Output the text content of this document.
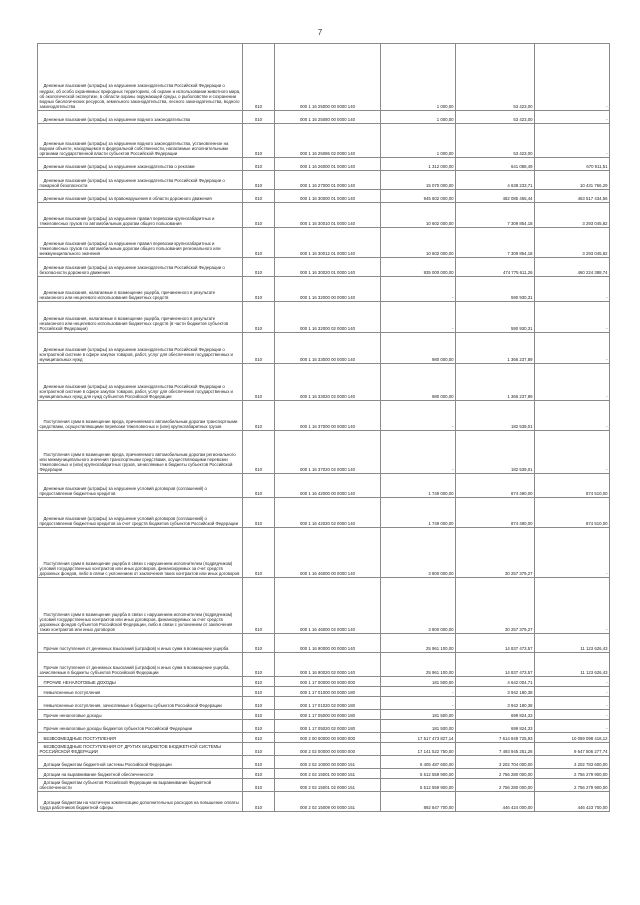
7
Денежные взыскания (штрафы) за нарушение законодательства Российской Федерации о недрах, об особо охраняемых природных территориях, об охране и использовании животного мира, об экологической экспертизе, в области охраны окружающей среды, о рыболовстве и сохранении водных биологических ресурсов, земельного законодательства, лесного законодательства, водного законодательства	010	000 1 16 25000 00 0000 140	1 000,00	53 423,00	-

Денежные взыскания (штрафы) за нарушение водного законодательства	010	000 1 16 25080 00 0000 140	1 000,00	53 423,00	-

Денежные взыскания (штрафы) за нарушение водного законодательства, установленное на водном объекте, находящемся в федеральной собственности, налагаемые исполнительными органами государственной власти субъектов Российской Федерации	010	000 1 16 25086 02 0000 140	1 000,00	53 423,00	-

Денежные взыскания (штрафы) за нарушение законодательства о рекламе	010	000 1 16 26000 01 0000 140	1 312 000,00	641 088,49	670 911,51

Денежные взыскания (штрафы) за нарушение законодательства Российской Федерации о пожарной безопасности	010	000 1 16 27000 01 0000 140	15 070 000,00	4 638 233,71	10 431 766,29

Денежные взыскания (штрафы) за правонарушения в области дорожного движения	010	000 1 16 30000 01 0000 140	945 602 000,00	482 085 465,44	463 517 434,56

Денежные взыскания (штрафы) за нарушение правил перевозки крупногабаритных и тяжеловесных грузов по автомобильным дорогам общего пользования	010	000 1 16 30010 01 0000 140	10 602 000,00	7 309 854,18	3 293 045,82

Денежные взыскания (штрафы) за нарушение правил перевозки крупногабаритных и тяжеловесных грузов по автомобильным дорогам общего пользования регионального или межмуниципального значения	010	000 1 16 30012 01 0000 140	10 602 000,00	7 309 854,18	3 293 045,82

Денежные взыскания (штрафы) за нарушение законодательства Российской Федерации о безопасности дорожного движения	010	000 1 16 30020 01 0000 140	935 000 000,00	474 775 611,26	460 224 388,74

Денежные взыскания, налагаемые в возмещение ущерба, причиненного в результате незаконного или нецелевого использования бюджетных средств	010	000 1 16 32000 00 0000 140	-	590 930,31	-

Денежные взыскания, налагаемые в возмещение ущерба, причиненного в результате незаконного или нецелевого использования бюджетных средств (в части бюджетов субъектов Российской Федерации)	010	000 1 16 32000 02 0000 140	-	590 930,31	-

Денежные взыскания (штрафы) за нарушение законодательства Российской Федерации о контрактной системе в сфере закупок товаров, работ, услуг для обеспечения государственных и муниципальных нужд	010	000 1 16 33000 00 0000 140	980 000,00	1 366 237,89	-

Денежные взыскания (штрафы) за нарушение законодательства Российской Федерации о контрактной системе в сфере закупок товаров, работ, услуг для обеспечения государственных и муниципальных нужд для нужд субъектов Российской Федерации	010	000 1 16 33020 02 0000 140	980 000,00	1 366 237,89	-

Поступления сумм в возмещение вреда, причиняемого автомобильным дорогам транспортными средствами, осуществляющими перевозки тяжеловесных и (или) крупногабаритных грузов	010	000 1 16 37000 00 0000 140	-	182 539,01	-

Поступления сумм в возмещение вреда, причиняемого автомобильным дорогам регионального или межмуниципального значения транспортными средствами, осуществляющими перевозки тяжеловесных и (или) крупногабаритных грузов, зачисляемые в бюджеты субъектов Российской Федерации	010	000 1 16 37020 02 0000 140	-	182 539,01	-

Денежные взыскания (штрафы) за нарушение условий договоров (соглашений) о предоставлении бюджетных кредитов	010	000 1 16 42000 00 0000 140	1 749 000,00	874 490,00	874 510,00

Денежные взыскания (штрафы) за нарушение условий договоров (соглашений) о предоставлении бюджетных кредитов за счет средств бюджетов субъектов Российской Федерации	010	000 1 16 42020 02 0000 140	1 749 000,00	874 490,00	874 510,00

Поступления сумм в возмещение ущерба в связи с нарушением исполнителем (подрядчиком) условий государственных контрактов или иных договоров, финансируемых за счет средств дорожных фондов, либо в связи с уклонением от заключения таких контрактов или иных договоров	010	000 1 16 46000 00 0000 140	3 800 000,00	30 257 379,27	-

Поступления сумм в возмещение ущерба в связи с нарушением исполнителем (подрядчиком) условий государственных контрактов или иных договоров, финансируемых за счет средств дорожных фондов субъектов Российской Федерации, либо в связи с уклонением от заключения таких контрактов или иных договоров	010	000 1 16 46000 02 0000 140	3 800 000,00	30 257 379,27	-

Прочие поступления от денежных взысканий (штрафов) и иных сумм в возмещение ущерба	010	000 1 16 90000 00 0000 140	25 961 100,00	14 837 473,57	11 123 626,43

Прочие поступления от денежных взысканий (штрафов) и иных сумм в возмещение ущерба, зачисляемые в бюджеты субъектов Российской Федерации	010	000 1 16 90020 02 0000 140	25 961 100,00	14 837 473,57	11 123 626,43

ПРОЧИЕ НЕНАЛОГОВЫЕ ДОХОДЫ	010	000 1 17 00000 00 0000 000	181 500,00	4 642 004,71	-

Невыясненные поступления	010	000 1 17 01000 00 0000 180	-	3 942 180,38	-

Невыясненные поступления, зачисляемые в бюджеты субъектов Российской Федерации	010	000 1 17 01020 02 0000 180	-	3 942 180,38	-

Прочие неналоговые доходы	010	000 1 17 05000 00 0000 180	181 500,00	699 824,33	-

Прочие неналоговые доходы бюджетов субъектов Российской Федерации	010	000 1 17 05020 02 0000 180	181 500,00	699 824,33	-

БЕЗВОЗМЕЗДНЫЕ ПОСТУПЛЕНИЯ	010	000 2 00 00000 00 0000 000	17 517 473 827,14	7 614 949 725,93	10 059 098 416,12

БЕЗВОЗМЕЗДНЫЕ ПОСТУПЛЕНИЯ ОТ ДРУГИХ БЮДЖЕТОВ БЮДЖЕТНОЙ СИСТЕМЫ РОССИЙСКОЙ ФЕДЕРАЦИИ	010	000 2 02 00000 00 0000 000	17 141 522 750,00	7 493 945 251,26	9 647 506 277,74

Дотации бюджетам бюджетной системы Российской Федерации	010	000 2 02 10000 00 0000 151	6 405 487 600,00	3 202 704 000,00	3 202 783 600,00

Дотации на выравнивание бюджетной обеспеченности	010	000 2 02 15001 00 0000 151	5 512 559 900,00	2 756 280 000,00	2 756 279 900,00

Дотации бюджетам субъектов Российской Федерации на выравнивание бюджетной обеспеченности	010	000 2 02 15001 02 0000 151	5 512 559 900,00	2 756 280 000,00	2 756 279 900,00

Дотации бюджетам на частичную компенсацию дополнительных расходов на повышение оплаты труда работников бюджетной сферы	010	000 2 02 15009 00 0000 151	892 847 700,00	446 424 000,00	446 423 700,00
